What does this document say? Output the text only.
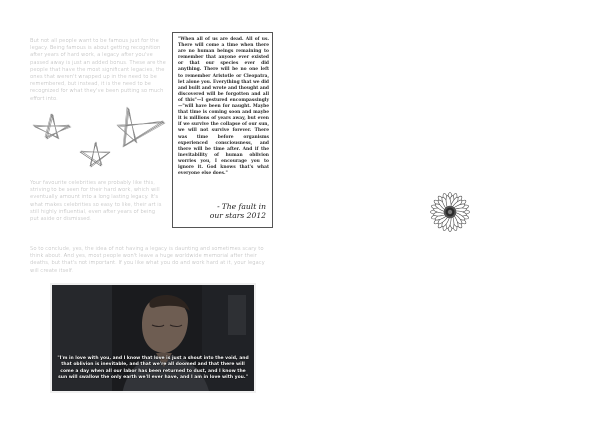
But not all people want to be famous just for the legacy. Being famous is about getting recognition after years of hard work, a legacy after you've passed away is just an added bonus. These are the people that have the most significant legacies, the ones that weren't wrapped up in the need to be remembered, but instead, it is the need to be recognized for what they've been putting so much effort into.

Your favourite celebrities are probably like this, striving to be seen for their hard work, which will eventually amount into a long lasting legacy. It's what makes celebrities so easy to like, their art is still highly influential, even after years of being put aside or dismissed.

"When all of us are dead. All of us. There will come a time when there are no human beings remaining to remember that anyone ever existed or that our species ever did anything. There will be no one left to remember Aristotle or Cleopatra, let alone you. Everything that we did and built and wrote and thought and discovered will be forgotten and all of this"—I gestured encompassingly—"will have been for naught. Maybe that time is coming soon and maybe it is millions of years away, but even if we survive the collapse of our sun, we will not survive forever. There was time before organisms experienced consciousness, and there will be time after. And if the inevitability of human oblivion worries you, I encourage you to ignore it. God knows that's what everyone else does."

- The fault in
our stars 2012

So to conclude, yes, the idea of not having a legacy is daunting and sometimes scary to think about. And yes, most people won't leave a huge worldwide memorial after their deaths, but that's not important. If you like what you do and work hard at it, your legacy will create itself.

"I'm in love with you, and I know that love is just a shout into the void, and that oblivion is inevitable, and that we're all doomed and that there will come a day when all our labor has been returned to dust, and I know the sun will swallow the only earth we'll ever have, and I am in love with you."
